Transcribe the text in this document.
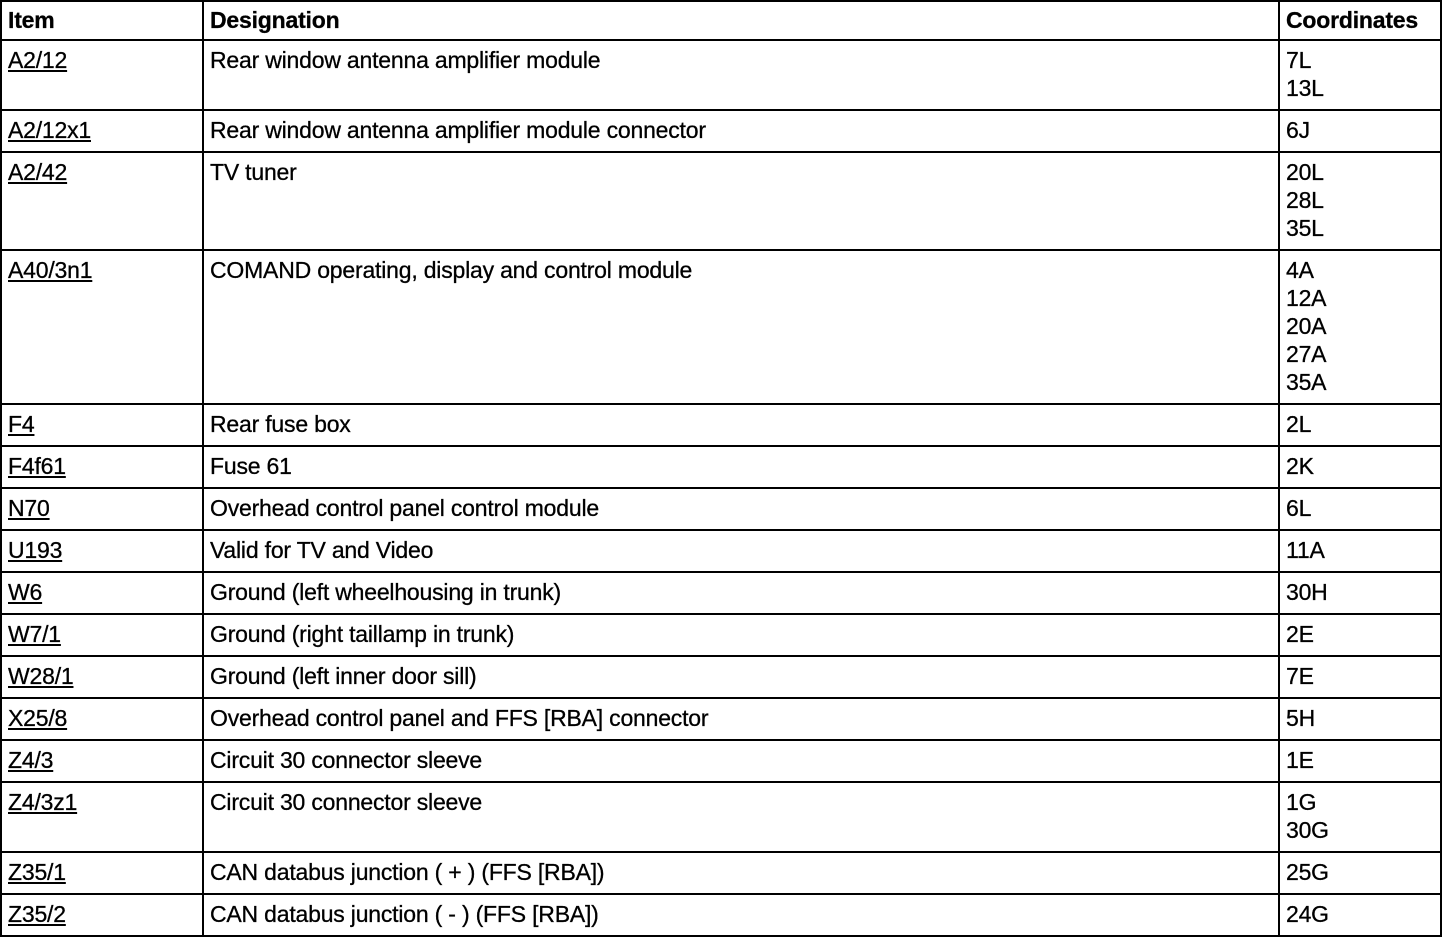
Item	Designation	Coordinates
A2/12	Rear window antenna amplifier module	7L
13L

A2/12x1	Rear window antenna amplifier module connector	6J

A2/42	TV tuner	20L
28L
35L

A40/3n1	COMAND operating, display and control module	4A
12A
20A
27A
35A

F4	Rear fuse box	2L

F4f61	Fuse 61	2K

N70	Overhead control panel control module	6L

U193	Valid for TV and Video	11A

W6	Ground (left wheelhousing in trunk)	30H

W7/1	Ground (right taillamp in trunk)	2E

W28/1	Ground (left inner door sill)	7E

X25/8	Overhead control panel and FFS [RBA] connector	5H

Z4/3	Circuit 30 connector sleeve	1E

Z4/3z1	Circuit 30 connector sleeve	1G
30G

Z35/1	CAN databus junction ( + ) (FFS [RBA])	25G

Z35/2	CAN databus junction ( - ) (FFS [RBA])	24G
